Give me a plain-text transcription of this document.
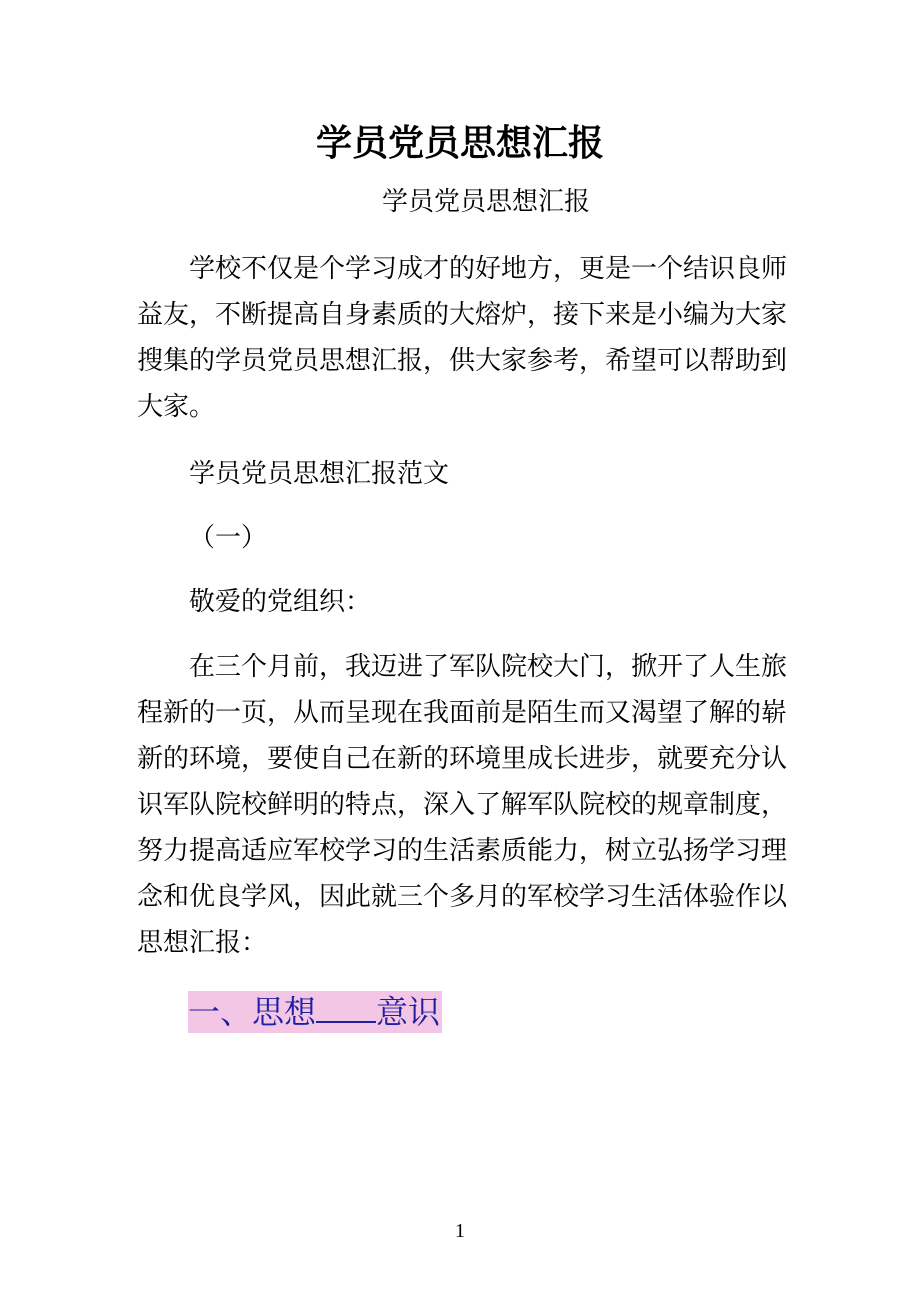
学员党员思想汇报

学员党员思想汇报

学校不仅是个学习成才的好地方，更是一个结识良师益友，不断提高自身素质的大熔炉，接下来是小编为大家搜集的学员党员思想汇报，供大家参考，希望可以帮助到大家。

学员党员思想汇报范文

（一）

敬爱的党组织：

在三个月前，我迈进了军队院校大门，掀开了人生旅程新的一页，从而呈现在我面前是陌生而又渴望了解的崭新的环境，要使自己在新的环境里成长进步，就要充分认识军队院校鲜明的特点，深入了解军队院校的规章制度，努力提高适应军校学习的生活素质能力，树立弘扬学习理念和优良学风，因此就三个多月的军校学习生活体验作以思想汇报：

一、思想 意识

1
